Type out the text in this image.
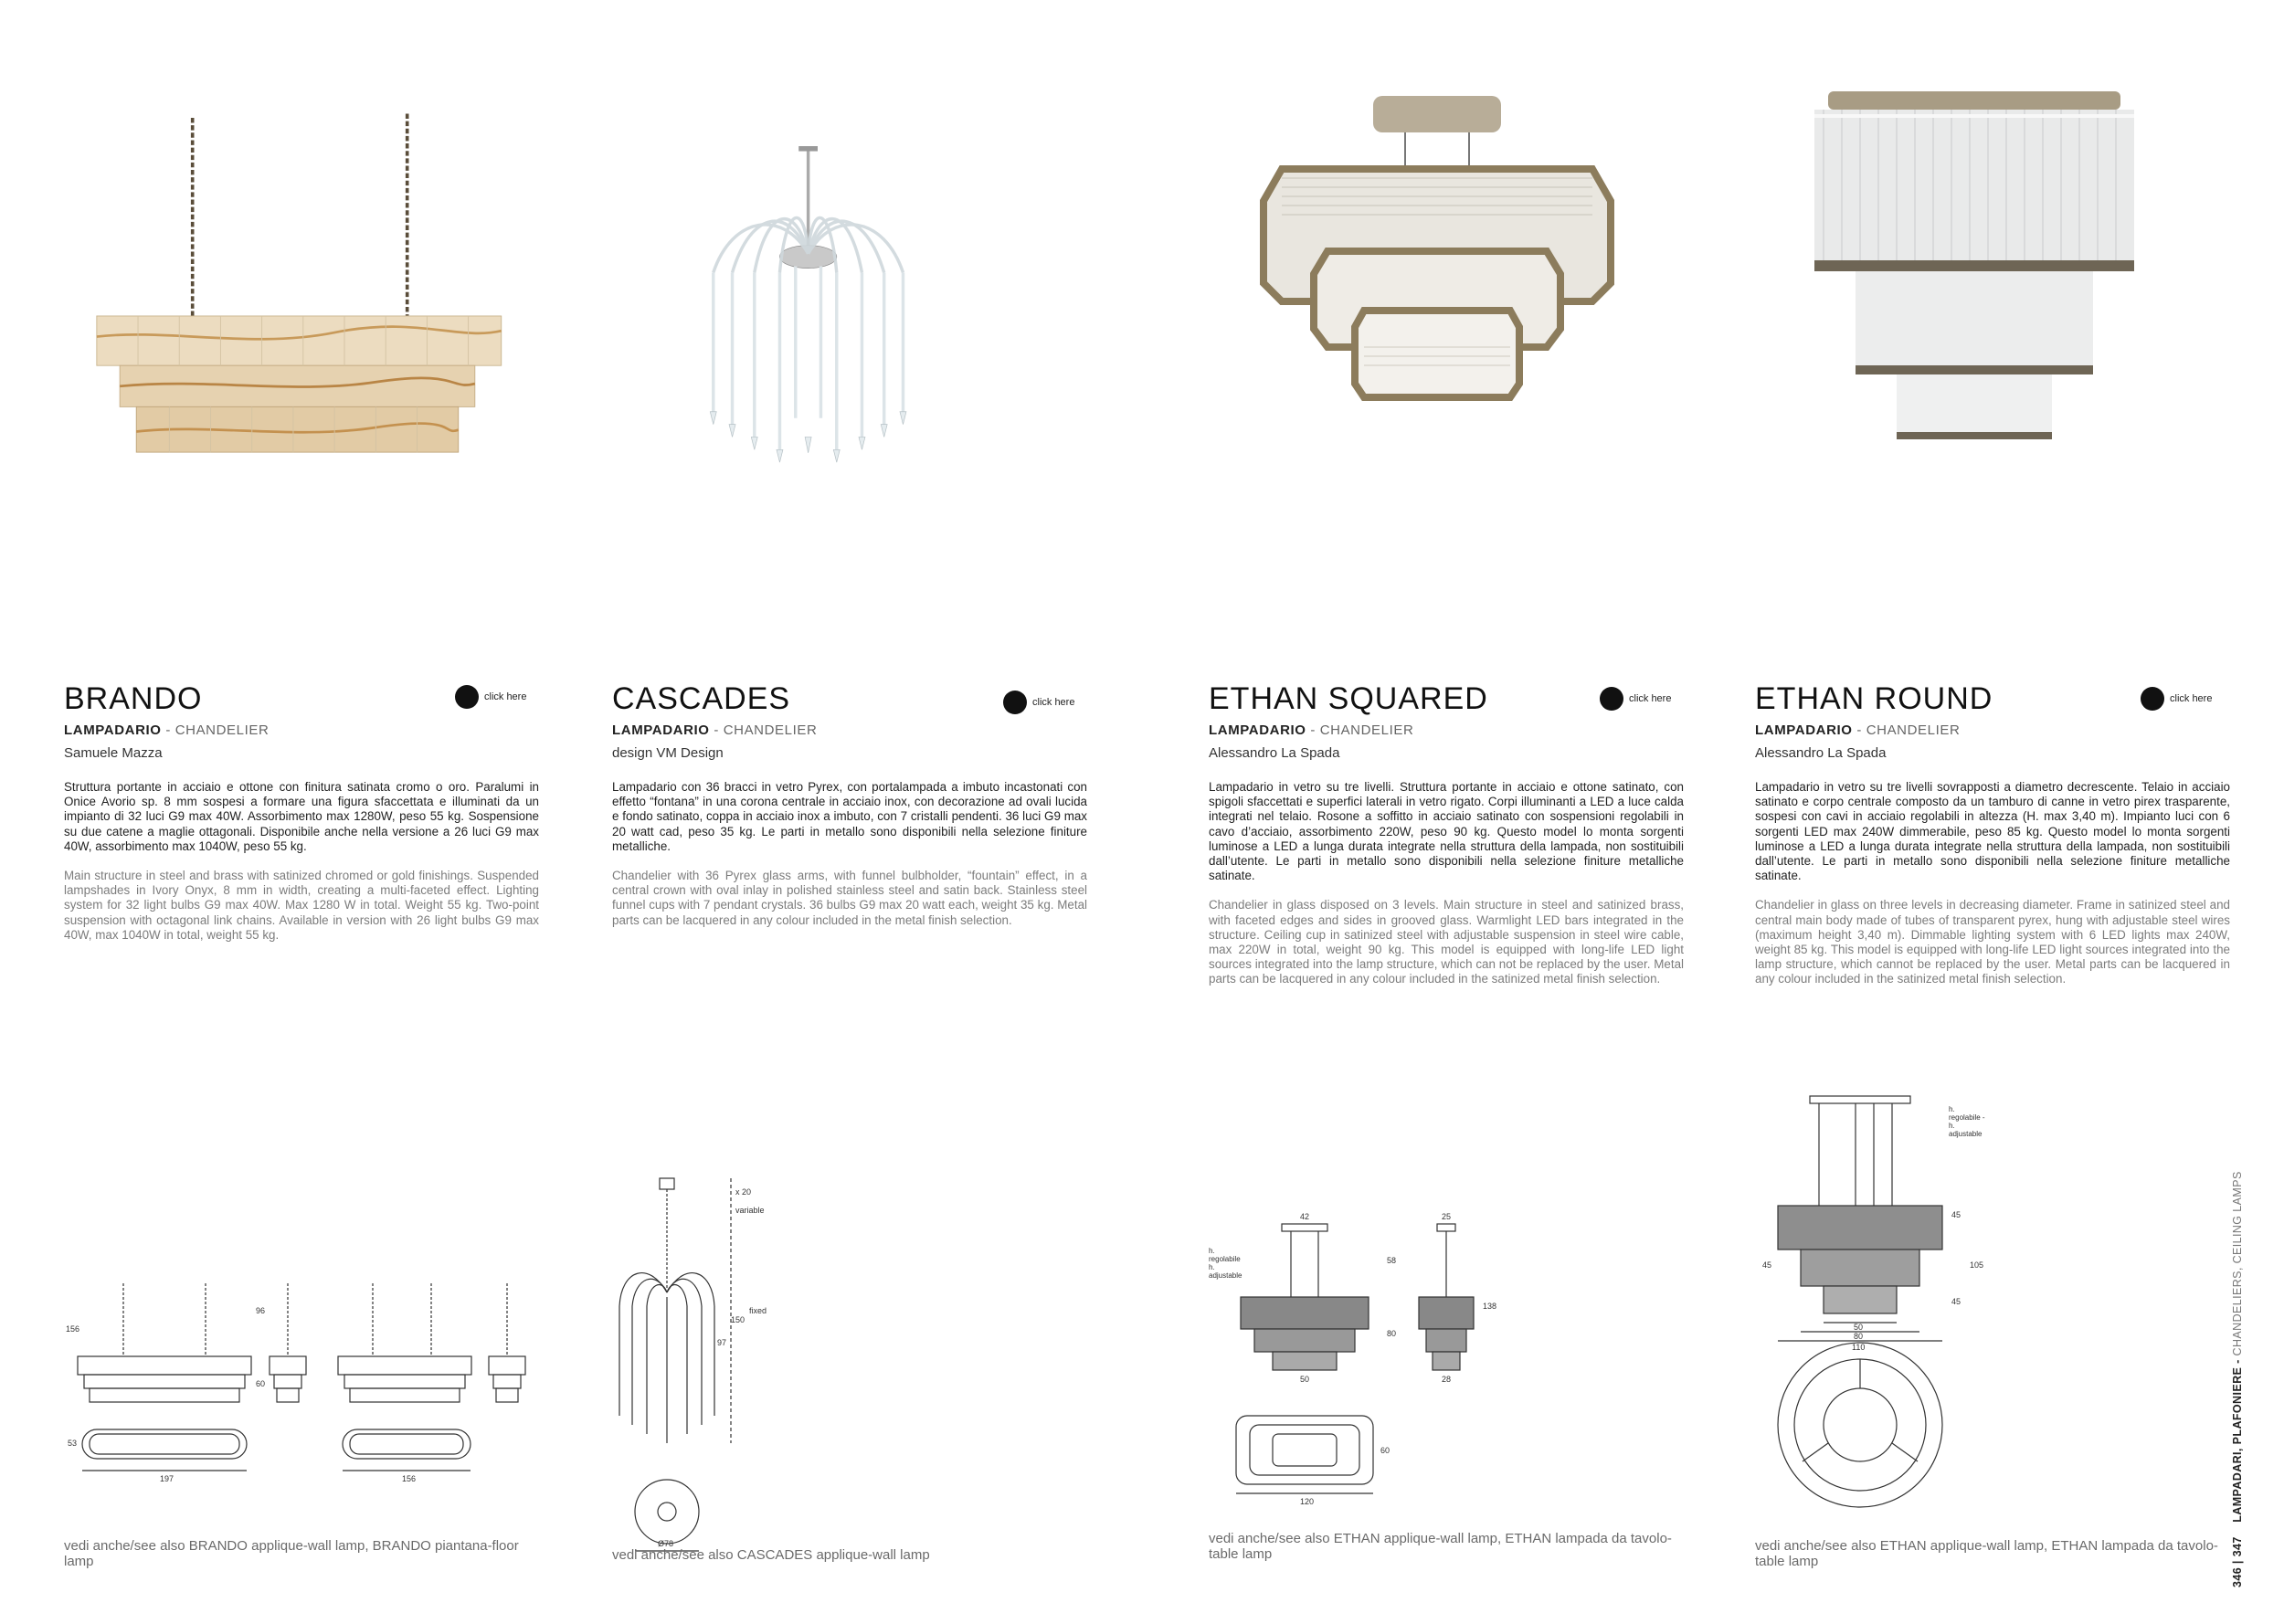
BRANDO
LAMPADARIO - CHANDELIER
Samuele Mazza

Struttura portante in acciaio e ottone con finitura satinata cromo o oro. Paralumi in Onice Avorio sp. 8 mm sospesi a formare una figura sfaccettata e illuminati da un impianto di 32 luci G9 max 40W. Assorbimento max 1280W, peso 55 kg. Sospensione su due catene a maglie ottagonali. Disponibile anche nella versione a 26 luci G9 max 40W, assorbimento max 1040W, peso 55 kg.

Main structure in steel and brass with satinized chromed or gold finishings. Suspended lampshades in Ivory Onyx, 8 mm in width, creating a multi-faceted effect. Lighting system for 32 light bulbs G9 max 40W. Max 1280 W in total. Weight 55 kg. Two-point suspension with octagonal link chains. Available in version with 26 light bulbs G9 max 40W, max 1040W in total, weight 55 kg.

click here
156
96
60
53
197	156
vedi anche/see also BRANDO applique-wall lamp, BRANDO piantana-floor lamp
CASCADES
LAMPADARIO - CHANDELIER
design VM Design

Lampadario con 36 bracci in vetro Pyrex, con portalampada a imbuto incastonati con effetto “fontana” in una corona centrale in acciaio inox, con decorazione ad ovali lucida e fondo satinato, coppa in acciaio inox a imbuto, con 7 cristalli pendenti. 36 luci G9 max 20 watt cad, peso 35 kg. Le parti in metallo sono disponibili nella selezione finiture metalliche.

Chandelier with 36 Pyrex glass arms, with funnel bulbholder, “fountain” effect, in a central crown with oval inlay in polished stainless steel and satin back. Stainless steel funnel cups with 7 pendant crystals. 36 bulbs G9 max 20 watt each, weight 35 kg. Metal parts can be lacquered in any colour included in the metal finish selection.

click here
x 20
variable
fixed
150
97
Ø78
vedi anche/see also CASCADES applique-wall lamp
ETHAN SQUARED
LAMPADARIO - CHANDELIER
Alessandro La Spada

Lampadario in vetro su tre livelli. Struttura portante in acciaio e ottone satinato, con spigoli sfaccettati e superfici laterali in vetro rigato. Corpi illuminanti a LED a luce calda integrati nel telaio. Rosone a soffitto in acciaio satinato con sospensioni regolabili in cavo d’acciaio, assorbimento 220W, peso 90 kg. Questo model lo monta sorgenti luminose a LED a lunga durata integrate nella struttura della lampada, non sostituibili dall’utente. Le parti in metallo sono disponibili nella selezione finiture metalliche satinate.

Chandelier in glass disposed on 3 levels. Main structure in steel and satinized brass, with faceted edges and sides in grooved glass. Warmlight LED bars integrated in the structure. Ceiling cup in satinized steel with adjustable suspension in steel wire cable, max 220W in total, weight 90 kg. This model is equipped with long-life LED light sources integrated into the lamp structure, which can not be replaced by the user. Metal parts can be lacquered in any colour included in the satinized metal finish selection.

click here
42	25
h. regolabile h. adjustable
58
80
138
50	28
60
120
vedi anche/see also ETHAN applique-wall lamp, ETHAN lampada da tavolo-table lamp
ETHAN ROUND
LAMPADARIO - CHANDELIER
Alessandro La Spada

Lampadario in vetro su tre livelli sovrapposti a diametro decrescente. Telaio in acciaio satinato e corpo centrale composto da un tamburo di canne in vetro pirex trasparente, sospesi con cavi in acciaio regolabili in altezza (H. max 3,40 m). Impianto luci con 6 sorgenti LED max 240W dimmerabile, peso 85 kg. Questo model lo monta sorgenti luminose a LED a lunga durata integrate nella struttura della lampada, non sostituibili dall’utente. Le parti in metallo sono disponibili nella selezione finiture metalliche satinate.

Chandelier in glass on three levels in decreasing diameter. Frame in satinized steel and central main body made of tubes of transparent pyrex, hung with adjustable steel wires (maximum height 3,40 m). Dimmable lighting system with 6 LED lights max 240W, weight 85 kg. This model is equipped with long-life LED light sources integrated into the lamp structure, which cannot be replaced by the user. Metal parts can be lacquered in any colour included in the satinized metal finish selection.

click here
h. regolabile - h. adjustable
45
45	105
45
50
80
110
vedi anche/see also ETHAN applique-wall lamp, ETHAN lampada da tavolo-table lamp	346 | 347    LAMPADARI, PLAFONIERE - CHANDELIERS, CEILING LAMPS
